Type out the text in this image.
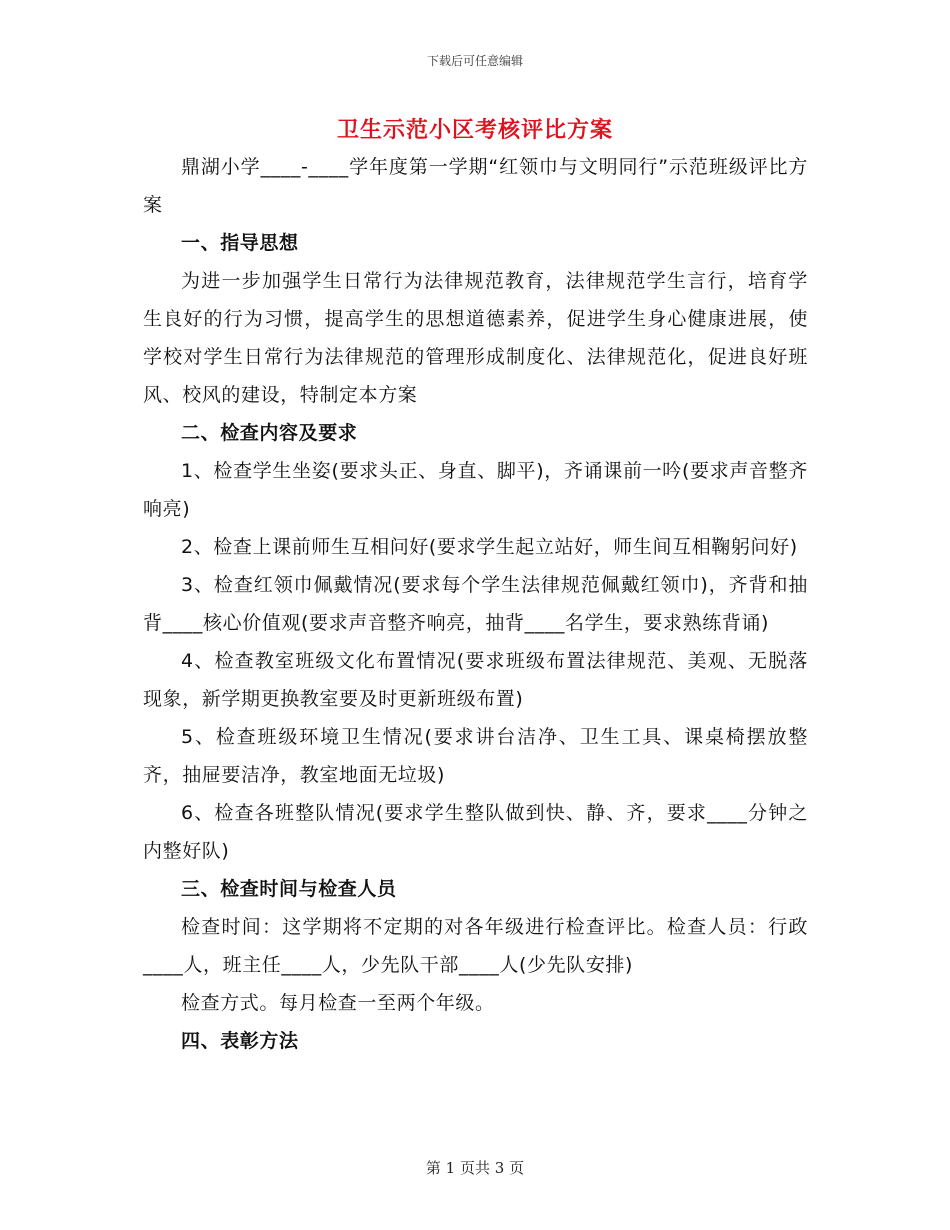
下载后可任意编辑
卫生示范小区考核评比方案

鼎湖小学____-____学年度第一学期“红领巾与文明同行”示范班级评比方案

一、指导思想

为进一步加强学生日常行为法律规范教育，法律规范学生言行，培育学生良好的行为习惯，提高学生的思想道德素养，促进学生身心健康进展，使学校对学生日常行为法律规范的管理形成制度化、法律规范化，促进良好班风、校风的建设，特制定本方案

二、检查内容及要求

1、检查学生坐姿(要求头正、身直、脚平)，齐诵课前一吟(要求声音整齐响亮)

2、检查上课前师生互相问好(要求学生起立站好，师生间互相鞠躬问好)

3、检查红领巾佩戴情况(要求每个学生法律规范佩戴红领巾)，齐背和抽背____核心价值观(要求声音整齐响亮，抽背____名学生，要求熟练背诵)

4、检查教室班级文化布置情况(要求班级布置法律规范、美观、无脱落现象，新学期更换教室要及时更新班级布置)

5、检查班级环境卫生情况(要求讲台洁净、卫生工具、课桌椅摆放整齐，抽屉要洁净，教室地面无垃圾)

6、检查各班整队情况(要求学生整队做到快、静、齐，要求____分钟之内整好队)

三、检查时间与检查人员

检查时间：这学期将不定期的对各年级进行检查评比。检查人员：行政____人，班主任____人，少先队干部____人(少先队安排)

检查方式。每月检查一至两个年级。

四、表彰方法

第 1 页共 3 页
